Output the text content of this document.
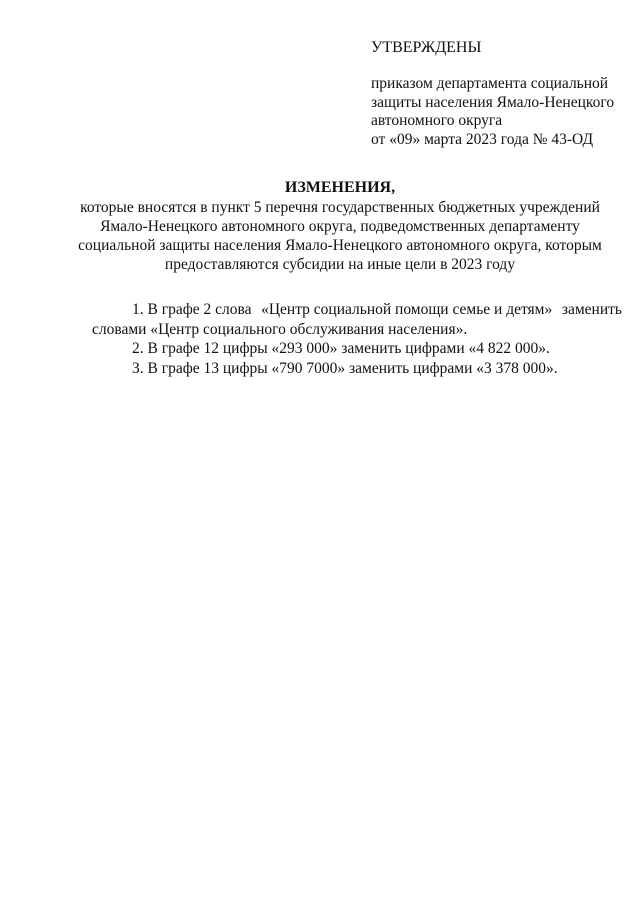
УТВЕРЖДЕНЫ
приказом департамента социальной
защиты населения Ямало-Ненецкого
автономного округа
от «09» марта 2023 года № 43-ОД
ИЗМЕНЕНИЯ,
которые вносятся в пункт 5 перечня государственных бюджетных учреждений
Ямало-Ненецкого автономного округа, подведомственных департаменту
социальной защиты населения Ямало-Ненецкого автономного округа, которым
предоставляются субсидии на иные цели в 2023 году
1. В графе 2 слова «Центр социальной помощи семье и детям» заменить
словами «Центр социального обслуживания населения».
2. В графе 12 цифры «293 000» заменить цифрами «4 822 000».
3. В графе 13 цифры «790 7000» заменить цифрами «3 378 000».
